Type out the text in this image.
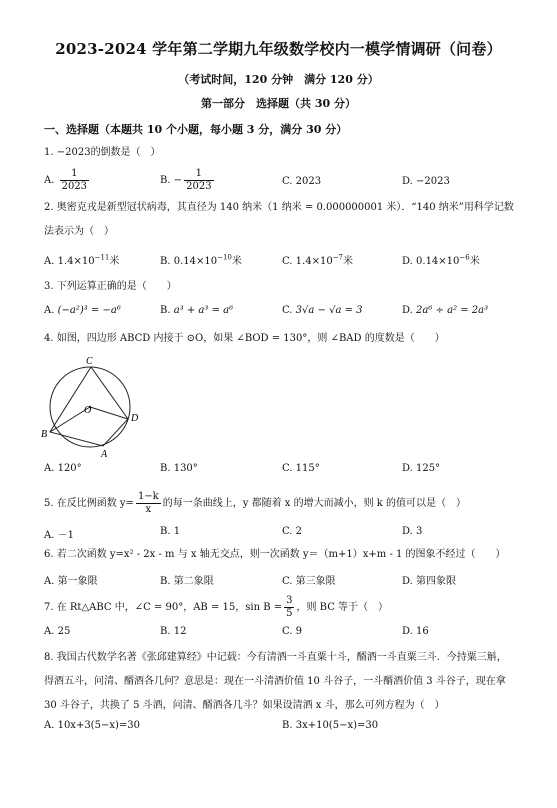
2023-2024 学年第二学期九年级数学校内一模学情调研（问卷）
（考试时间，120 分钟　满分 120 分）
第一部分　选择题（共 30 分）
一、选择题（本题共 10 个小题，每小题 3 分，满分 30 分）
1. −2023的倒数是（　）
A. $\frac{1}{2023}$	B. − $\frac{1}{2023}$	C. 2023	D. −2023
2. 奥密克戎是新型冠状病毒，其直径为 140 纳米（1 纳米 = 0.000000001 米）．“140 纳米”用科学记数法表示为（　）
A. $1.4\times 10^{-11}$米	B. $0.14\times 10^{-10}$米	C. $1.4\times 10^{-7}$米	D. $0.14\times 10^{-6}$米
3. 下列运算正确的是（　　）
A. (−a²)³ = −a⁶	B. a³ + a³ = a⁶	C. 3√a − √a = 3	D. 2a⁶ ÷ a² = 2a³
4. 如图，四边形 ABCD 内接于 ⊙O，如果 ∠BOD = 130°，则 ∠BAD 的度数是（　　）
C
O
D
B
A
A. 120°	B. 130°	C. 115°	D. 125°
5. 在反比例函数 $y= \frac{1-k}{x}$ 的每一条曲线上，y 都随着 x 的增大而减小，则 k 的值可以是（　）
A. －1	B. 1	C. 2	D. 3
6. 若二次函数 y=x² - 2x - m 与 x 轴无交点，则一次函数 y＝（m+1）x+m - 1 的图象不经过（　　）
A. 第一象限	B. 第二象限	C. 第三象限	D. 第四象限
7. 在 Rt△ABC 中，∠C = 90°，AB = 15，$\sin B = \frac{3}{5}$ ，则 BC 等于（　）
A. 25	B. 12	C. 9	D. 16
8. 我国古代数学名著《张邱建算经》中记载：今有清酒一斗直粟十斗，醑酒一斗直粟三斗．今持粟三斛，得酒五斗，问清、醑酒各几何？意思是：现在一斗清酒价值 10 斗谷子，一斗醑酒价值 3 斗谷子，现在拿 30 斗谷子，共换了 5 斗酒，问清、醑酒各几斗？如果设清酒 x 斗，那么可列方程为（　）
A. 10x+3(5−x)=30	B. 3x+10(5−x)=30
